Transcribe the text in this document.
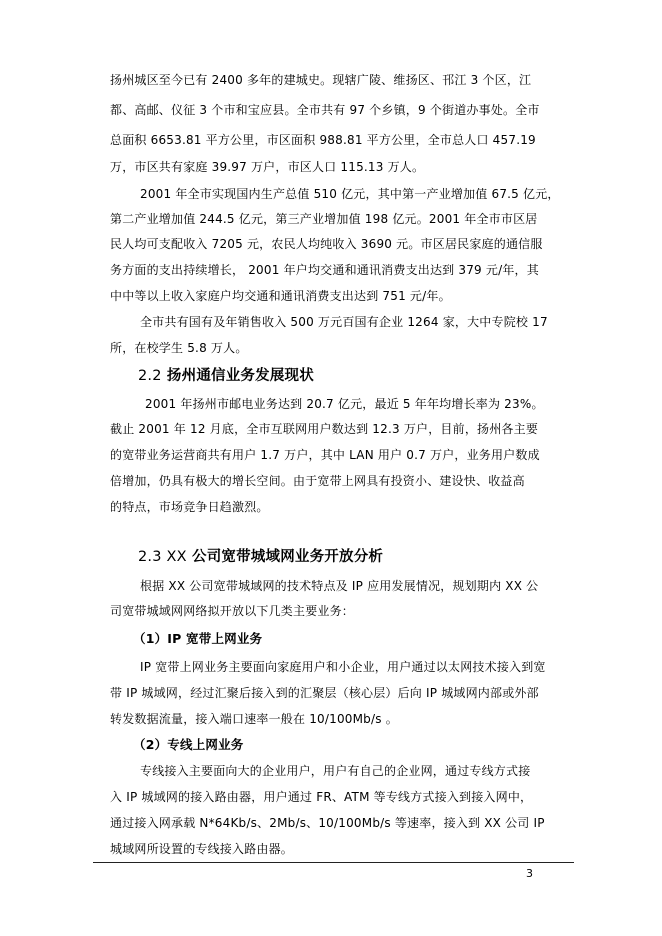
扬州城区至今已有 2400 多年的建城史。现辖广陵、维扬区、邗江 3 个区，江
都、高邮、仪征 3 个市和宝应县。全市共有 97 个乡镇，9 个街道办事处。全市
总面积 6653.81 平方公里，市区面积 988.81 平方公里，全市总人口 457.19
万，市区共有家庭 39.97 万户，市区人口 115.13 万人。
2001 年全市实现国内生产总值 510 亿元，其中第一产业增加值 67.5 亿元，
第二产业增加值 244.5 亿元，第三产业增加值 198 亿元。2001 年全市市区居
民人均可支配收入 7205 元，农民人均纯收入 3690 元。市区居民家庭的通信服
务方面的支出持续增长， 2001 年户均交通和通讯消费支出达到 379 元/年，其
中中等以上收入家庭户均交通和通讯消费支出达到 751 元/年。
全市共有国有及年销售收入 500 万元百国有企业 1264 家，大中专院校 17
所，在校学生 5.8 万人。
2.2 扬州通信业务发展现状
2001 年扬州市邮电业务达到 20.7 亿元，最近 5 年年均增长率为 23%。
截止 2001 年 12 月底，全市互联网用户数达到 12.3 万户，目前，扬州各主要
的宽带业务运营商共有用户 1.7 万户，其中 LAN 用户 0.7 万户，业务用户数成
倍增加，仍具有极大的增长空间。由于宽带上网具有投资小、建设快、收益高
的特点，市场竞争日趋激烈。
2.3 XX 公司宽带城域网业务开放分析
根据 XX 公司宽带城域网的技术特点及 IP 应用发展情况，规划期内 XX 公
司宽带城域网网络拟开放以下几类主要业务：
（1）IP 宽带上网业务
IP 宽带上网业务主要面向家庭用户和小企业，用户通过以太网技术接入到宽
带 IP 城域网，经过汇聚后接入到的汇聚层（核心层）后向 IP 城域网内部或外部
转发数据流量，接入端口速率一般在 10/100Mb/s 。
（2）专线上网业务
专线接入主要面向大的企业用户，用户有自己的企业网，通过专线方式接
入 IP 城域网的接入路由器，用户通过 FR、ATM 等专线方式接入到接入网中，
通过接入网承载 N*64Kb/s、2Mb/s、10/100Mb/s 等速率，接入到 XX 公司 IP
城域网所设置的专线接入路由器。
3
